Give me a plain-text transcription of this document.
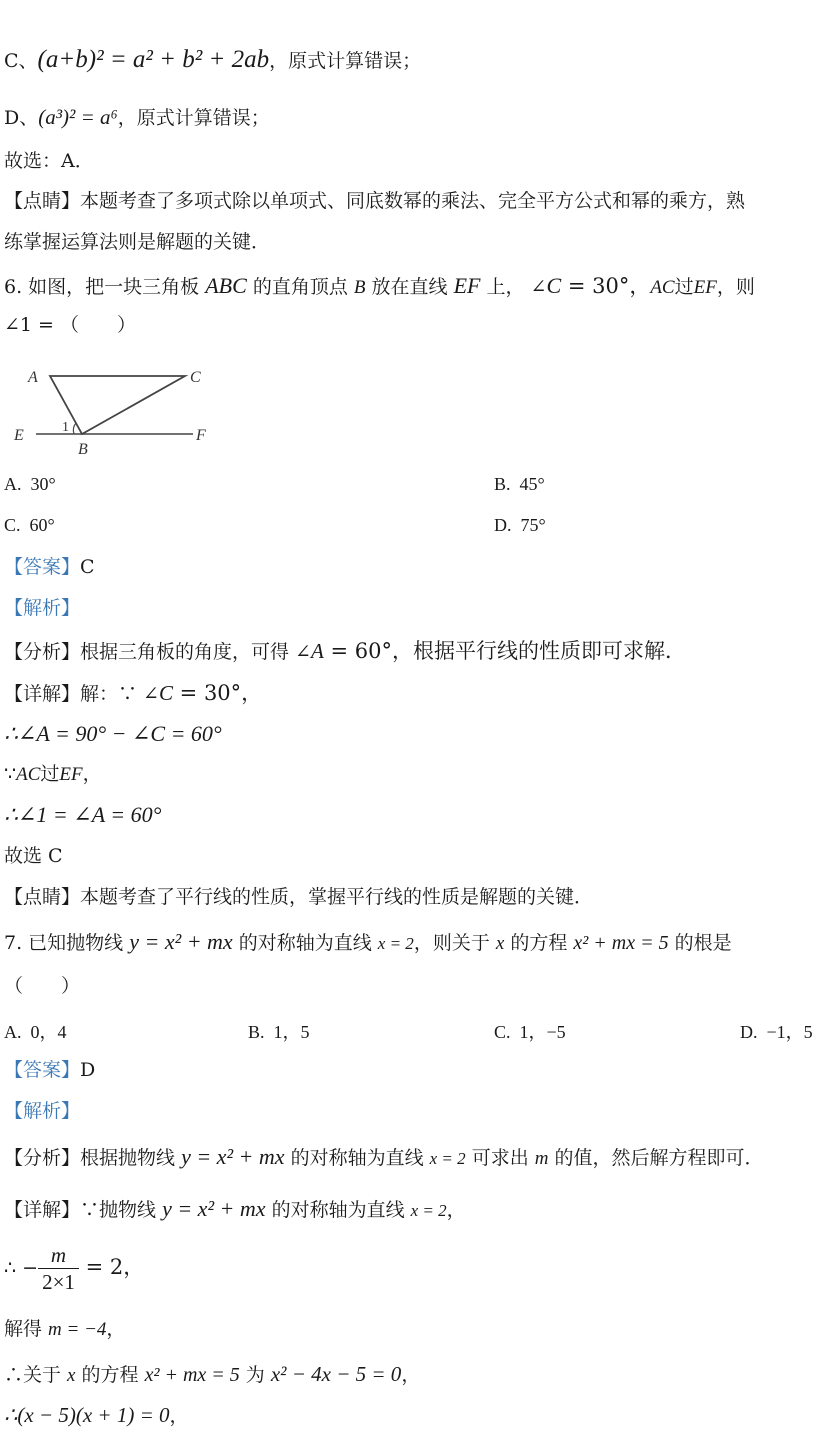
C、(a+b)² = a² + b² + 2ab，原式计算错误；
D、(a³)² = a⁶，原式计算错误；
故选：A．
【点睛】本题考查了多项式除以单项式、同底数幂的乘法、完全平方公式和幂的乘方，熟
练掌握运算法则是解题的关键．
6. 如图，把一块三角板 ABC 的直角顶点 B 放在直线 EF 上， ∠C = 30°，AC过EF，则
∠1 = （　　）
A	C
E	F
B
1
A. 30°	B. 45°
C. 60°	D. 75°
【答案】C
【解析】
【分析】根据三角板的角度，可得 ∠A = 60°，根据平行线的性质即可求解．
【详解】解：∵ ∠C = 30°，
∴∠A = 90° − ∠C = 60°
∵AC过EF，
∴∠1 = ∠A = 60°
故选 C
【点睛】本题考查了平行线的性质，掌握平行线的性质是解题的关键．
7. 已知抛物线 y = x² + mx 的对称轴为直线 x = 2，则关于 x 的方程 x² + mx = 5 的根是
（　　）
A. 0，4	B. 1，5	C. 1，−5	D. −1，5
【答案】D
【解析】
【分析】根据抛物线 y = x² + mx 的对称轴为直线 x = 2 可求出 m 的值，然后解方程即可．
【详解】∵抛物线 y = x² + mx 的对称轴为直线 x = 2，
∴ − $\frac{m}{2\times 1} = 2$，
解得 m = −4，
∴关于 x 的方程 x² + mx = 5 为 x² − 4x − 5 = 0，
∴(x − 5)(x + 1) = 0，
